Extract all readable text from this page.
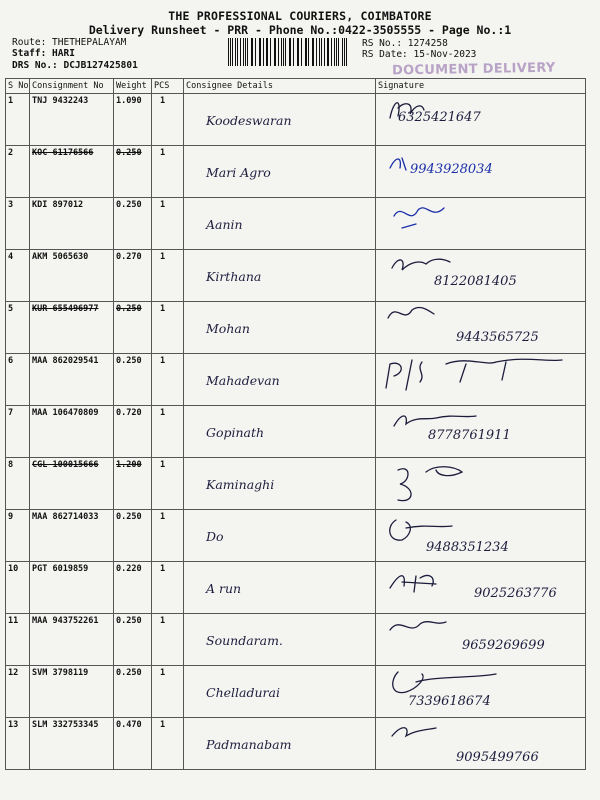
THE PROFESSIONAL COURIERS, COIMBATORE
Delivery Runsheet - PRR - Phone No.:0422-3505555 - Page No.:1
Route: THETHEPALAYAM
Staff: HARI
DRS No.: DCJB127425801
RS No.: 1274258
RS Date: 15-Nov-2023
DOCUMENT DELIVERY
S No	Consignment No	Weight	PCS	Consignee Details	Signature

1	TNJ 9432243	1.090	1	Koodeswaran	6325421647

2	KOC 61176566	0.250	1	Mari Agro	9943928034

3	KDI 897012	0.250	1	Aanin

4	AKM 5065630	0.270	1	Kirthana	8122081405

5	KUR 655496977	0.250	1	Mohan	9443565725

6	MAA 862029541	0.250	1	Mahadevan

7	MAA 106470809	0.720	1	Gopinath	8778761911

8	CGL 100015666	1.200	1	Kaminaghi

9	MAA 862714033	0.250	1	Do	9488351234

10	PGT 6019859	0.220	1	A run	9025263776

11	MAA 943752261	0.250	1	Soundaram.	9659269699

12	SVM 3798119	0.250	1	Chelladurai	7339618674

13	SLM 332753345	0.470	1	Padmanabam	9095499766
